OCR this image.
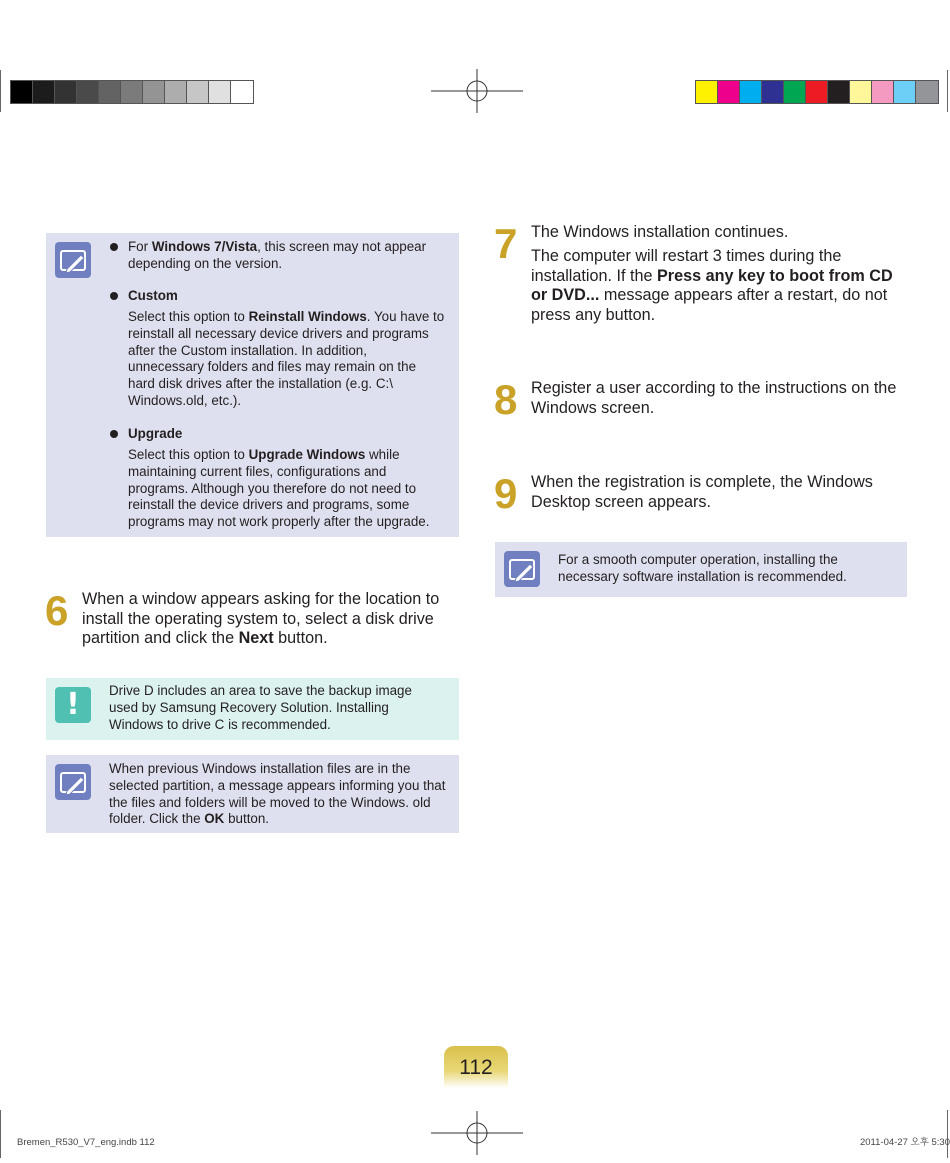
For Windows 7/Vista, this screen may not appear depending on the version.
Custom
Select this option to Reinstall Windows. You have to reinstall all necessary device drivers and programs after the Custom installation. In addition, unnecessary folders and files may remain on the hard disk drives after the installation (e.g. C:\ Windows.old, etc.).
Upgrade
Select this option to Upgrade Windows while maintaining current files, configurations and programs. Although you therefore do not need to reinstall the device drivers and programs, some programs may not work properly after the upgrade.
6 When a window appears asking for the location to install the operating system to, select a disk drive partition and click the Next button.
!	Drive D includes an area to save the backup image used by Samsung Recovery Solution. Installing Windows to drive C is recommended.
When previous Windows installation files are in the selected partition, a message appears informing you that the files and folders will be moved to the Windows. old folder. Click the OK button.
7 The Windows installation continues.
The computer will restart 3 times during the installation. If the Press any key to boot from CD or DVD... message appears after a restart, do not press any button.
8 Register a user according to the instructions on the Windows screen.
9 When the registration is complete, the Windows Desktop screen appears.
For a smooth computer operation, installing the necessary software installation is recommended.
112
Bremen_R530_V7_eng.indb 112	2011-04-27 오후 5:30
